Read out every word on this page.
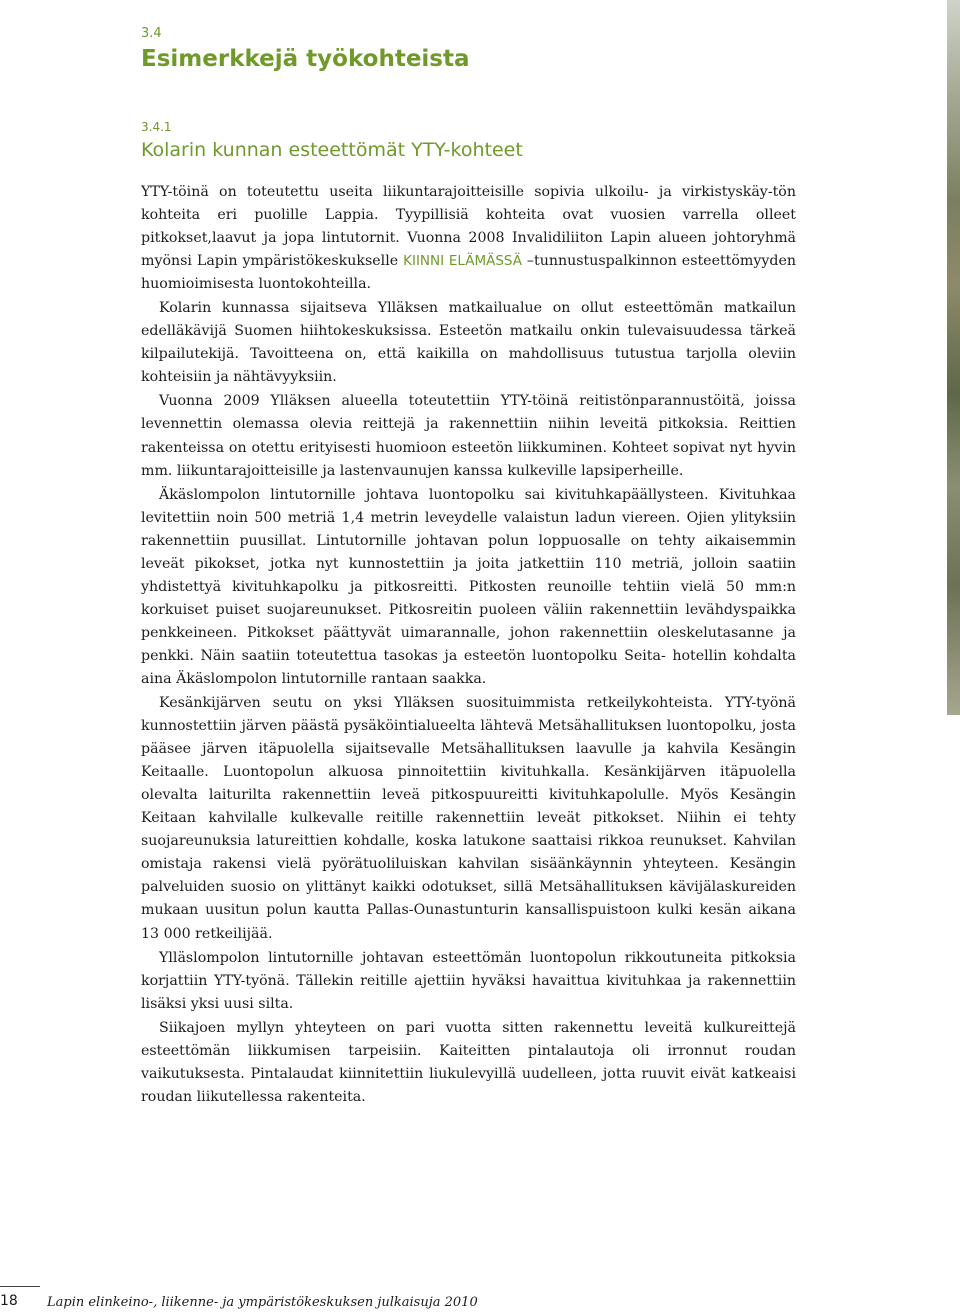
3.4
Esimerkkejä työkohteista
3.4.1
Kolarin kunnan esteettömät YTY-kohteet

YTY-töinä on toteutettu useita liikuntarajoitteisille sopivia ulkoilu- ja virkistyskäy-tön kohteita eri puolille Lappia. Tyypillisiä kohteita ovat vuosien varrella olleet pitkokset,laavut ja jopa lintutornit. Vuonna 2008 Invalidiliiton Lapin alueen johtoryhmä myönsi Lapin ympäristökeskukselle KIINNI ELÄMÄSSÄ –tunnustuspalkinnon esteettömyyden huomioimisesta luontokohteilla.

Kolarin kunnassa sijaitseva Ylläksen matkailualue on ollut esteettömän matkailun edelläkävijä Suomen hiihtokeskuksissa. Esteetön matkailu onkin tulevaisuudessa tärkeä kilpailutekijä. Tavoitteena on, että kaikilla on mahdollisuus tutustua tarjolla oleviin kohteisiin ja nähtävyyksiin.

Vuonna 2009 Ylläksen alueella toteutettiin YTY-töinä reitistönparannustöitä, joissa levennettin olemassa olevia reittejä ja rakennettiin niihin leveitä pitkoksia. Reittien rakenteissa on otettu erityisesti huomioon esteetön liikkuminen. Kohteet sopivat nyt hyvin mm. liikuntarajoitteisille ja lastenvaunujen kanssa kulkeville lapsiperheille.

Äkäslompolon lintutornille johtava luontopolku sai kivituhkapäällysteen. Kivituhkaa levitettiin noin 500 metriä 1,4 metrin leveydelle valaistun ladun viereen. Ojien ylityksiin rakennettiin puusillat. Lintutornille johtavan polun loppuosalle on tehty aikaisemmin leveät pikokset, jotka nyt kunnostettiin ja joita jatkettiin 110 metriä, jolloin saatiin yhdistettyä kivituhkapolku ja pitkosreitti. Pitkosten reunoille tehtiin vielä 50 mm:n korkuiset puiset suojareunukset. Pitkosreitin puoleen väliin rakennettiin levähdyspaikka penkkeineen. Pitkokset päättyvät uimarannalle, johon rakennettiin oleskelutasanne ja penkki. Näin saatiin toteutettua tasokas ja esteetön luontopolku Seita- hotellin kohdalta aina Äkäslompolon lintutornille rantaan saakka.

Kesänkijärven seutu on yksi Ylläksen suosituimmista retkeilykohteista. YTY-työnä kunnostettiin järven päästä pysäköintialueelta lähtevä Metsähallituksen luontopolku, josta pääsee järven itäpuolella sijaitsevalle Metsähallituksen laavulle ja kahvila Kesängin Keitaalle. Luontopolun alkuosa pinnoitettiin kivituhkalla. Kesänkijärven itäpuolella olevalta laiturilta rakennettiin leveä pitkospuureitti kivituhkapolulle. Myös Kesängin Keitaan kahvilalle kulkevalle reitille rakennettiin leveät pitkokset. Niihin ei tehty suojareunuksia latureittien kohdalle, koska latukone saattaisi rikkoa reunukset. Kahvilan omistaja rakensi vielä pyörätuoliluiskan kahvilan sisäänkäynnin yhteyteen. Kesängin palveluiden suosio on ylittänyt kaikki odotukset, sillä Metsähallituksen kävijälaskureiden mukaan uusitun polun kautta Pallas-Ounastunturin kansallispuistoon kulki kesän aikana 13 000 retkeilijää.

Ylläslompolon lintutornille johtavan esteettömän luontopolun rikkoutuneita pitkoksia korjattiin YTY-työnä. Tällekin reitille ajettiin hyväksi havaittua kivituhkaa ja rakennettiin lisäksi yksi uusi silta.

Siikajoen myllyn yhteyteen on pari vuotta sitten rakennettu leveitä kulkureittejä esteettömän liikkumisen tarpeisiin. Kaiteitten pintalautoja oli irronnut roudan vaikutuksesta. Pintalaudat kiinnitettiin liukulevyillä uudelleen, jotta ruuvit eivät katkeaisi roudan liikutellessa rakenteita.

18 Lapin elinkeino-, liikenne- ja ympäristökeskuksen julkaisuja 2010
